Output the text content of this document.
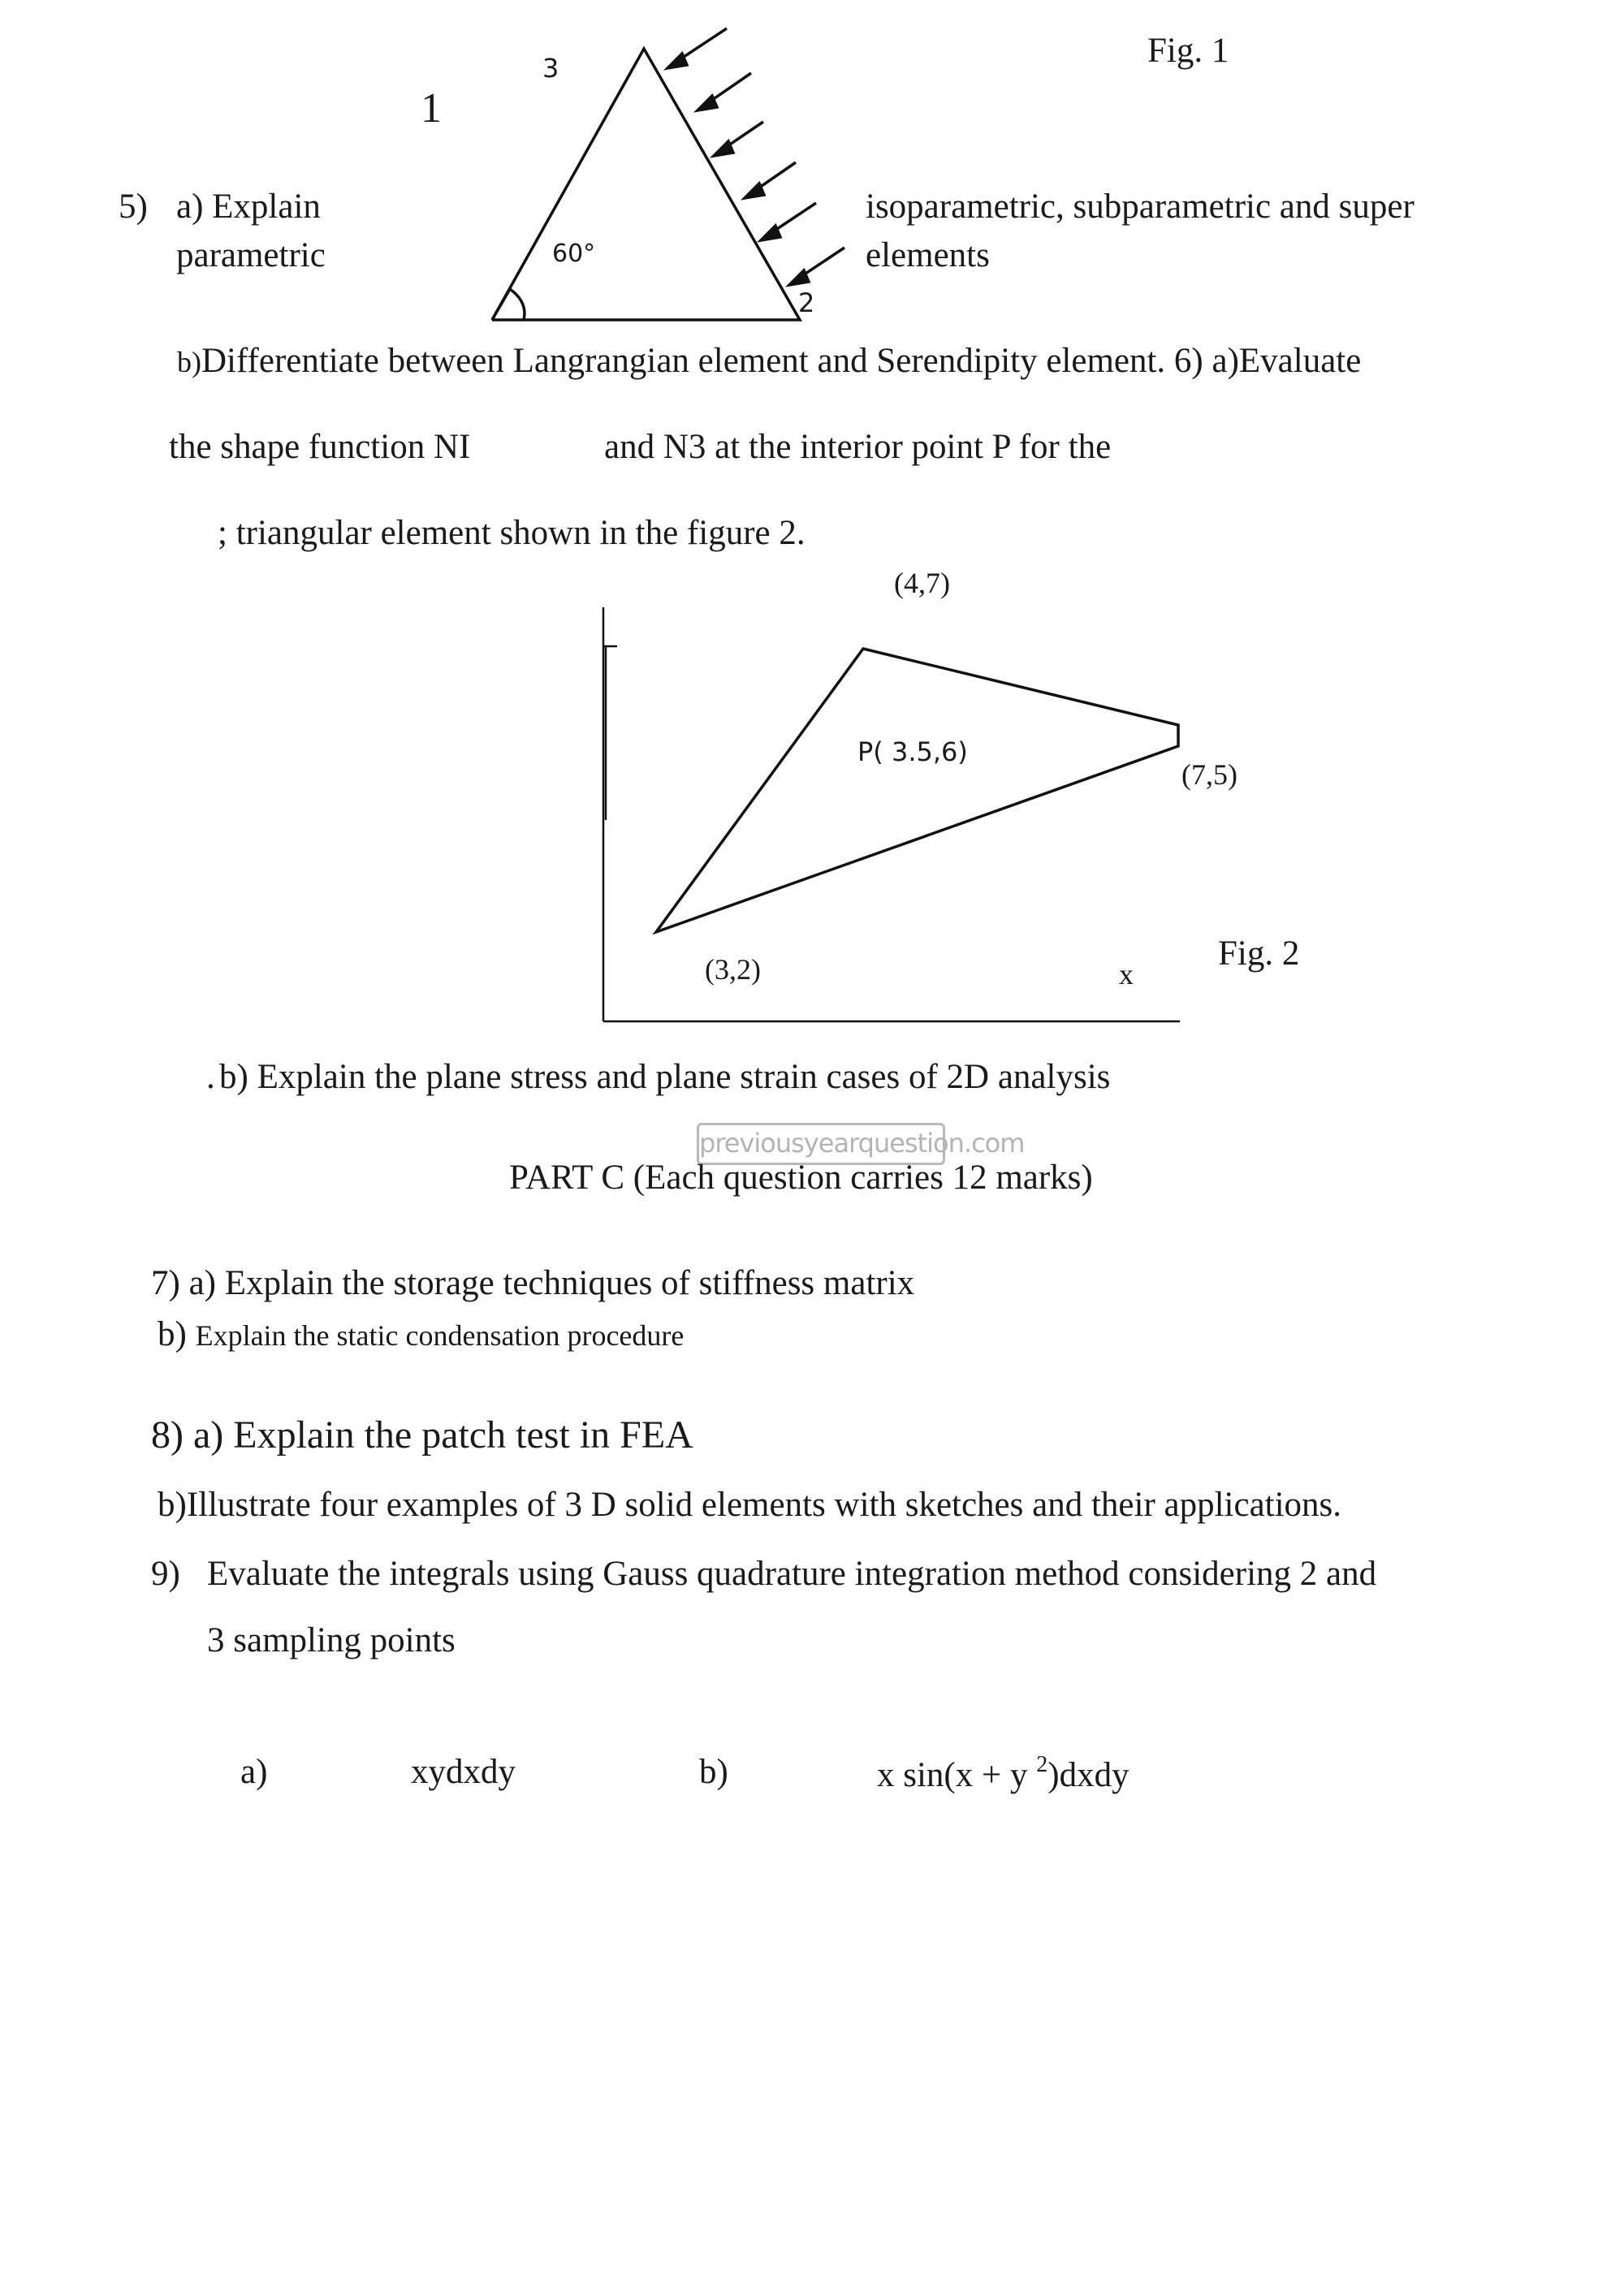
3
1
2
60°
Fig. 1
5) a) Explain
parametric
isoparametric, subparametric and super
elements
b)Differentiate between Langrangian element and Serendipity element. 6) a)Evaluate
the shape function NI	and N3 at the interior point P for the
; triangular element shown in the figure 2.
(4,7)
(7,5)
(3,2)
P( 3.5,6)
x
Fig. 2
. b) Explain the plane stress and plane strain cases of 2D analysis
previousyearquestion.com
PART C (Each question carries 12 marks)
7) a) Explain the storage techniques of stiffness matrix
b) Explain the static condensation procedure
8) a) Explain the patch test in FEA
b)Illustrate four examples of 3 D solid elements with sketches and their applications.
9) Evaluate the integrals using Gauss quadrature integration method considering 2 and
3 sampling points
a)	xydxdy	b)	x sin(x + y $^2$)dxdy
